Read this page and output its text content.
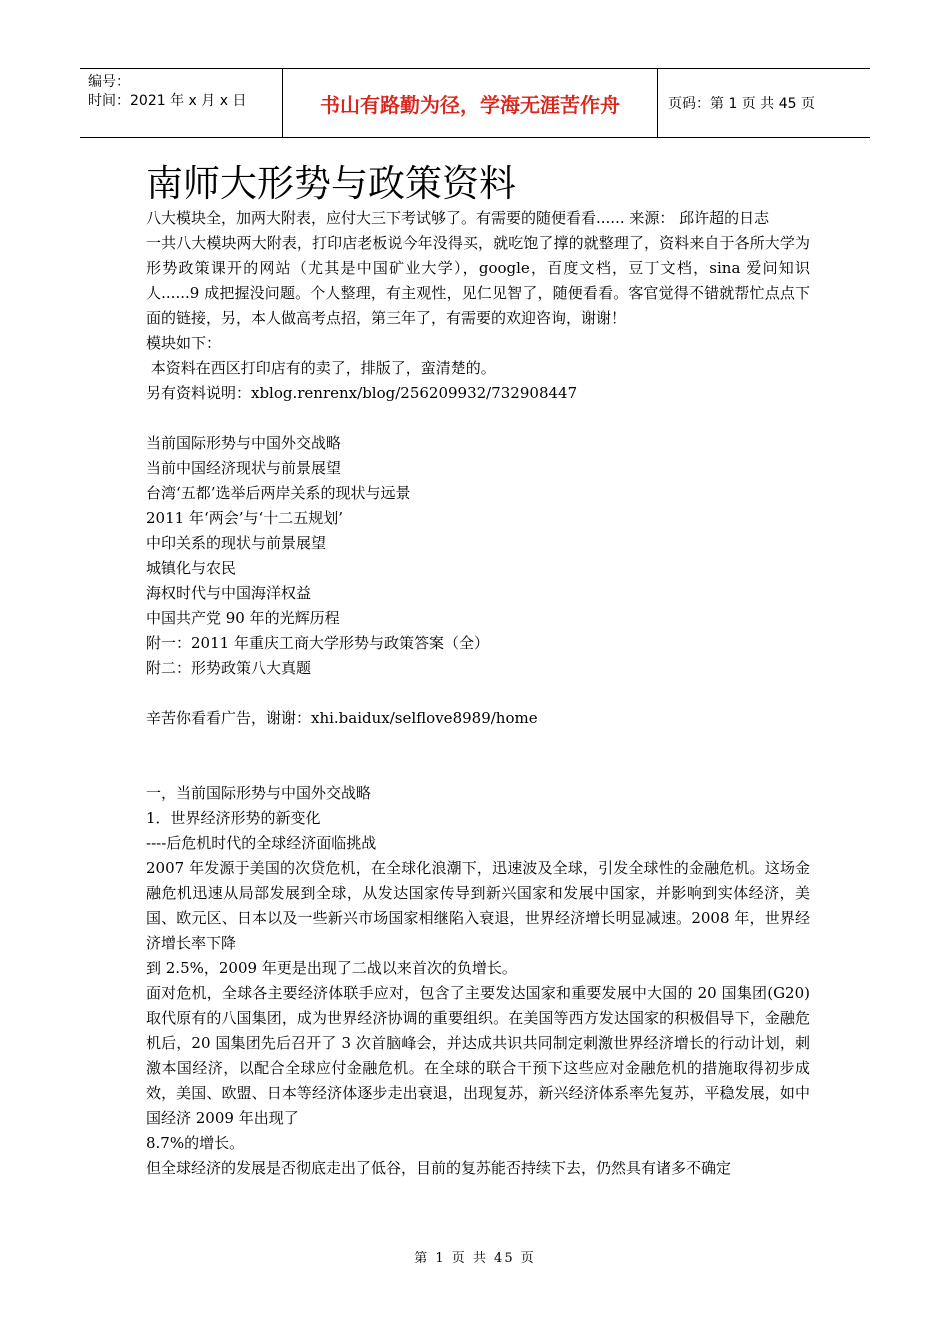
编号：
时间：2021 年 x 月 x 日	书山有路勤为径，学海无涯苦作舟	页码：第 1 页 共 45 页
南师大形势与政策资料

八大模块全，加两大附表，应付大三下考试够了。有需要的随便看看...... 来源： 邱许超的日志

一共八大模块两大附表，打印店老板说今年没得买，就吃饱了撑的就整理了，资料来自于各所大学为形势政策课开的网站（尤其是中国矿业大学），google，百度文档，豆丁文档，sina 爱问知识人......9 成把握没问题。个人整理，有主观性，见仁见智了，随便看看。客官觉得不错就帮忙点点下面的链接，另，本人做高考点招，第三年了，有需要的欢迎咨询，谢谢！

模块如下：

本资料在西区打印店有的卖了，排版了，蛮清楚的。

另有资料说明：xblog.renrenx/blog/256209932/732908447

当前国际形势与中国外交战略

当前中国经济现状与前景展望

台湾‘五都’选举后两岸关系的现状与远景

2011 年‘两会’与‘十二五规划’

中印关系的现状与前景展望

城镇化与农民

海权时代与中国海洋权益

中国共产党 90 年的光辉历程

附一：2011 年重庆工商大学形势与政策答案（全）

附二：形势政策八大真题

辛苦你看看广告，谢谢：xhi.baidux/selflove8989/home

一，当前国际形势与中国外交战略

1．世界经济形势的新变化

----后危机时代的全球经济面临挑战

2007 年发源于美国的次贷危机，在全球化浪潮下，迅速波及全球，引发全球性的金融危机。这场金融危机迅速从局部发展到全球，从发达国家传导到新兴国家和发展中国家，并影响到实体经济，美国、欧元区、日本以及一些新兴市场国家相继陷入衰退，世界经济增长明显减速。2008 年，世界经济增长率下降

到 2.5%，2009 年更是出现了二战以来首次的负增长。

面对危机，全球各主要经济体联手应对，包含了主要发达国家和重要发展中大国的 20 国集团(G20)取代原有的八国集团，成为世界经济协调的重要组织。在美国等西方发达国家的积极倡导下，金融危机后，20 国集团先后召开了 3 次首脑峰会，并达成共识共同制定刺激世界经济增长的行动计划，刺激本国经济，以配合全球应付金融危机。在全球的联合干预下这些应对金融危机的措施取得初步成效，美国、欧盟、日本等经济体逐步走出衰退，出现复苏，新兴经济体系率先复苏，平稳发展，如中国经济 2009 年出现了

8.7%的增长。

但全球经济的发展是否彻底走出了低谷，目前的复苏能否持续下去，仍然具有诸多不确定

第 1 页 共 45 页
